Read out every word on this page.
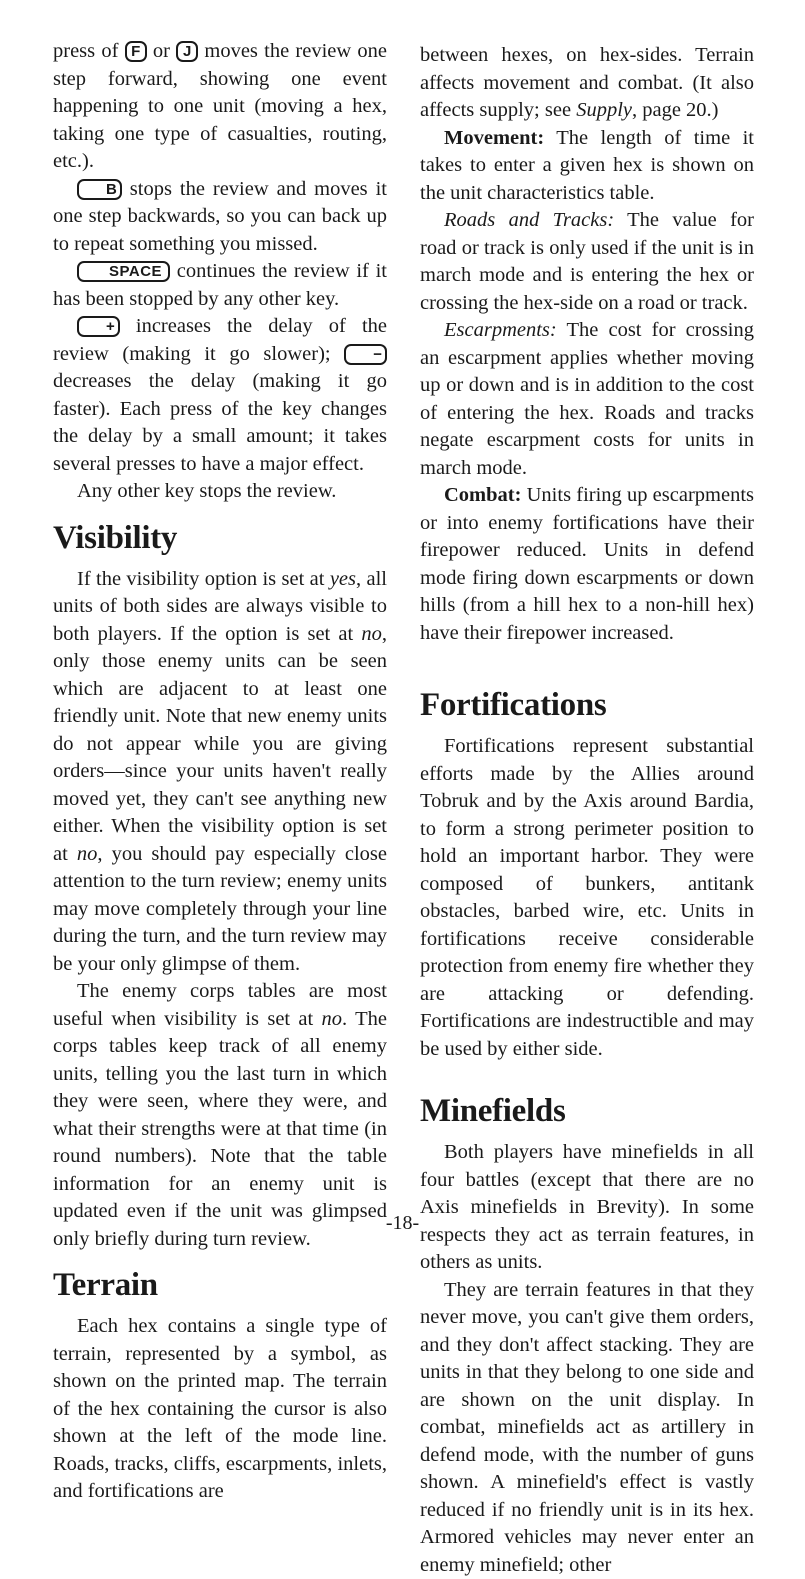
press of F or J moves the review one step forward, showing one event happening to one unit (moving a hex, taking one type of casualties, routing, etc.).

B stops the review and moves it one step backwards, so you can back up to repeat something you missed.

SPACE continues the review if it has been stopped by any other key.

+ increases the delay of the review (making it go slower); − decreases the delay (making it go faster). Each press of the key changes the delay by a small amount; it takes several presses to have a major effect.

Any other key stops the review.

Visibility

If the visibility option is set at yes, all units of both sides are always visible to both players. If the option is set at no, only those enemy units can be seen which are adjacent to at least one friendly unit. Note that new enemy units do not appear while you are giving orders—since your units haven't really moved yet, they can't see anything new either. When the visibility option is set at no, you should pay especially close attention to the turn review; enemy units may move completely through your line during the turn, and the turn review may be your only glimpse of them.

The enemy corps tables are most useful when visibility is set at no. The corps tables keep track of all enemy units, telling you the last turn in which they were seen, where they were, and what their strengths were at that time (in round numbers). Note that the table information for an enemy unit is updated even if the unit was glimpsed only briefly during turn review.

Terrain

Each hex contains a single type of terrain, represented by a symbol, as shown on the printed map. The terrain of the hex containing the cursor is also shown at the left of the mode line. Roads, tracks, cliffs, escarpments, inlets, and fortifications are

between hexes, on hex-sides. Terrain affects movement and combat. (It also affects supply; see Supply, page 20.)

Movement: The length of time it takes to enter a given hex is shown on the unit characteristics table.

Roads and Tracks: The value for road or track is only used if the unit is in march mode and is entering the hex or crossing the hex-side on a road or track.

Escarpments: The cost for crossing an escarpment applies whether moving up or down and is in addition to the cost of entering the hex. Roads and tracks negate escarpment costs for units in march mode.

Combat: Units firing up escarpments or into enemy fortifications have their firepower reduced. Units in defend mode firing down escarpments or down hills (from a hill hex to a non-hill hex) have their firepower increased.

Fortifications

Fortifications represent substantial efforts made by the Allies around Tobruk and by the Axis around Bardia, to form a strong perimeter position to hold an important harbor. They were composed of bunkers, antitank obstacles, barbed wire, etc. Units in fortifications receive considerable protection from enemy fire whether they are attacking or defending. Fortifications are indestructible and may be used by either side.

Minefields

Both players have minefields in all four battles (except that there are no Axis minefields in Brevity). In some respects they act as terrain features, in others as units.

They are terrain features in that they never move, you can't give them orders, and they don't affect stacking. They are units in that they belong to one side and are shown on the unit display. In combat, minefields act as artillery in defend mode, with the number of guns shown. A minefield's effect is vastly reduced if no friendly unit is in its hex. Armored vehicles may never enter an enemy minefield; other

-18-
